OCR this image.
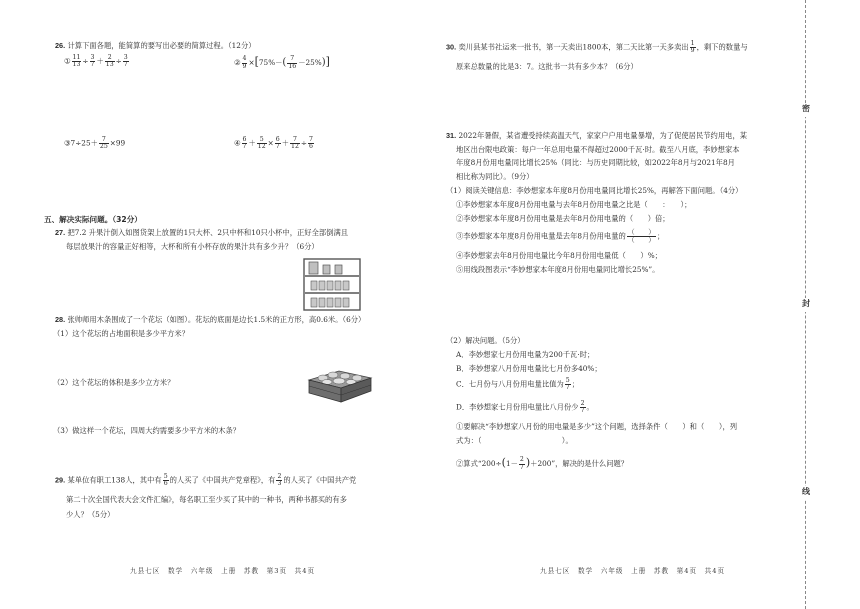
26. 计算下面各题，能简算的要写出必要的简算过程。（12分）
① $\frac{11}{13} \div \frac{3}{7} + \frac{2}{13} \div \frac{3}{7}$	② $\frac{4}{9} \times[75\%-( \frac{7}{16} -25\%)]$
③7÷25＋ $\frac{7}{25} \times 99$	④ $\frac{6}{7} + \frac{5}{12} \times \frac{6}{7} + \frac{7}{12} \div \frac{7}{6}$
五、解决实际问题。（32分）
27. 把7.2 升果汁倒入如图货架上放置的1只大杯、2只中杯和10只小杯中，正好全部倒满且
每层放果汁的容量正好相等，大杯和所有小杯存放的果汁共有多少升？（6分）
28. 张帅师用木条围成了一个花坛（如图）。花坛的底面是边长1.5米的正方形，高0.6米。（6分）
（1）这个花坛的占地面积是多少平方米？
（2）这个花坛的体积是多少立方米？
（3）做这样一个花坛，四周大约需要多少平方米的木条？
29. 某单位有职工138人，其中有 $\frac{5}{6}$ 的人买了《中国共产党章程》，有 $\frac{2}{3}$ 的人买了《中国共产党
第二十次全国代表大会文件汇编》，每名职工至少买了其中的一种书，两种书都买的有多
少人？（5分）
九县七区　数学　六年级　上册　苏教　第3页　共4页
30. 奕川县某书社运来一批书，第一天卖出1800本，第二天比第一天多卖出 $\frac{1}{9}$ ，剩下的数量与
原来总数量的比是3：7。这批书一共有多少本？（6分）
31. 2022年暑假，某省遭受持续高温天气，家家户户用电量暴增，为了促使居民节约用电，某
地区出台限电政策：每户一年总用电量不得超过2000千瓦·时。截至八月底，李妙想家本
年度8月份用电量同比增长25%（同比：与历史同期比较，如2022年8月与2021年8月
相比称为同比）。（9分）
（1）阅读关键信息：李妙想家本年度8月份用电量同比增长25%，再解答下面问题。（4分）
①李妙想家本年度8月份用电量与去年8月份用电量之比是（　　：　　）；
②李妙想家本年度8月份用电量是去年8月份用电量的（　　）倍；
③李妙想家本年度8月份用电量是去年8月份用电量的 $\frac{( )}{( )}$ ；
④李妙想家去年8月份用电量比今年8月份用电量低（　　）%；
⑤用线段图表示“李妙想家本年度8月份用电量同比增长25%”。
（2）解决问题。（5分）
A．李妙想家七月份用电量为200千瓦·时；
B．李妙想家八月份用电量比七月份多40%；
C．七月份与八月份用电量比值为 $\frac{5}{7}$ ；
D．李妙想家七月份用电量比八月份少 $\frac{2}{7}$ 。
①要解决“李妙想家八月份的用电量是多少”这个问题，选择条件（　　）和（　　），列
式为：（　　　　　　　　　　　）。
②算式“$200\div(1- \frac{2}{7} )+200$”，解决的是什么问题？
九县七区　数学　六年级　上册　苏教　第4页　共4页
密
封
线
